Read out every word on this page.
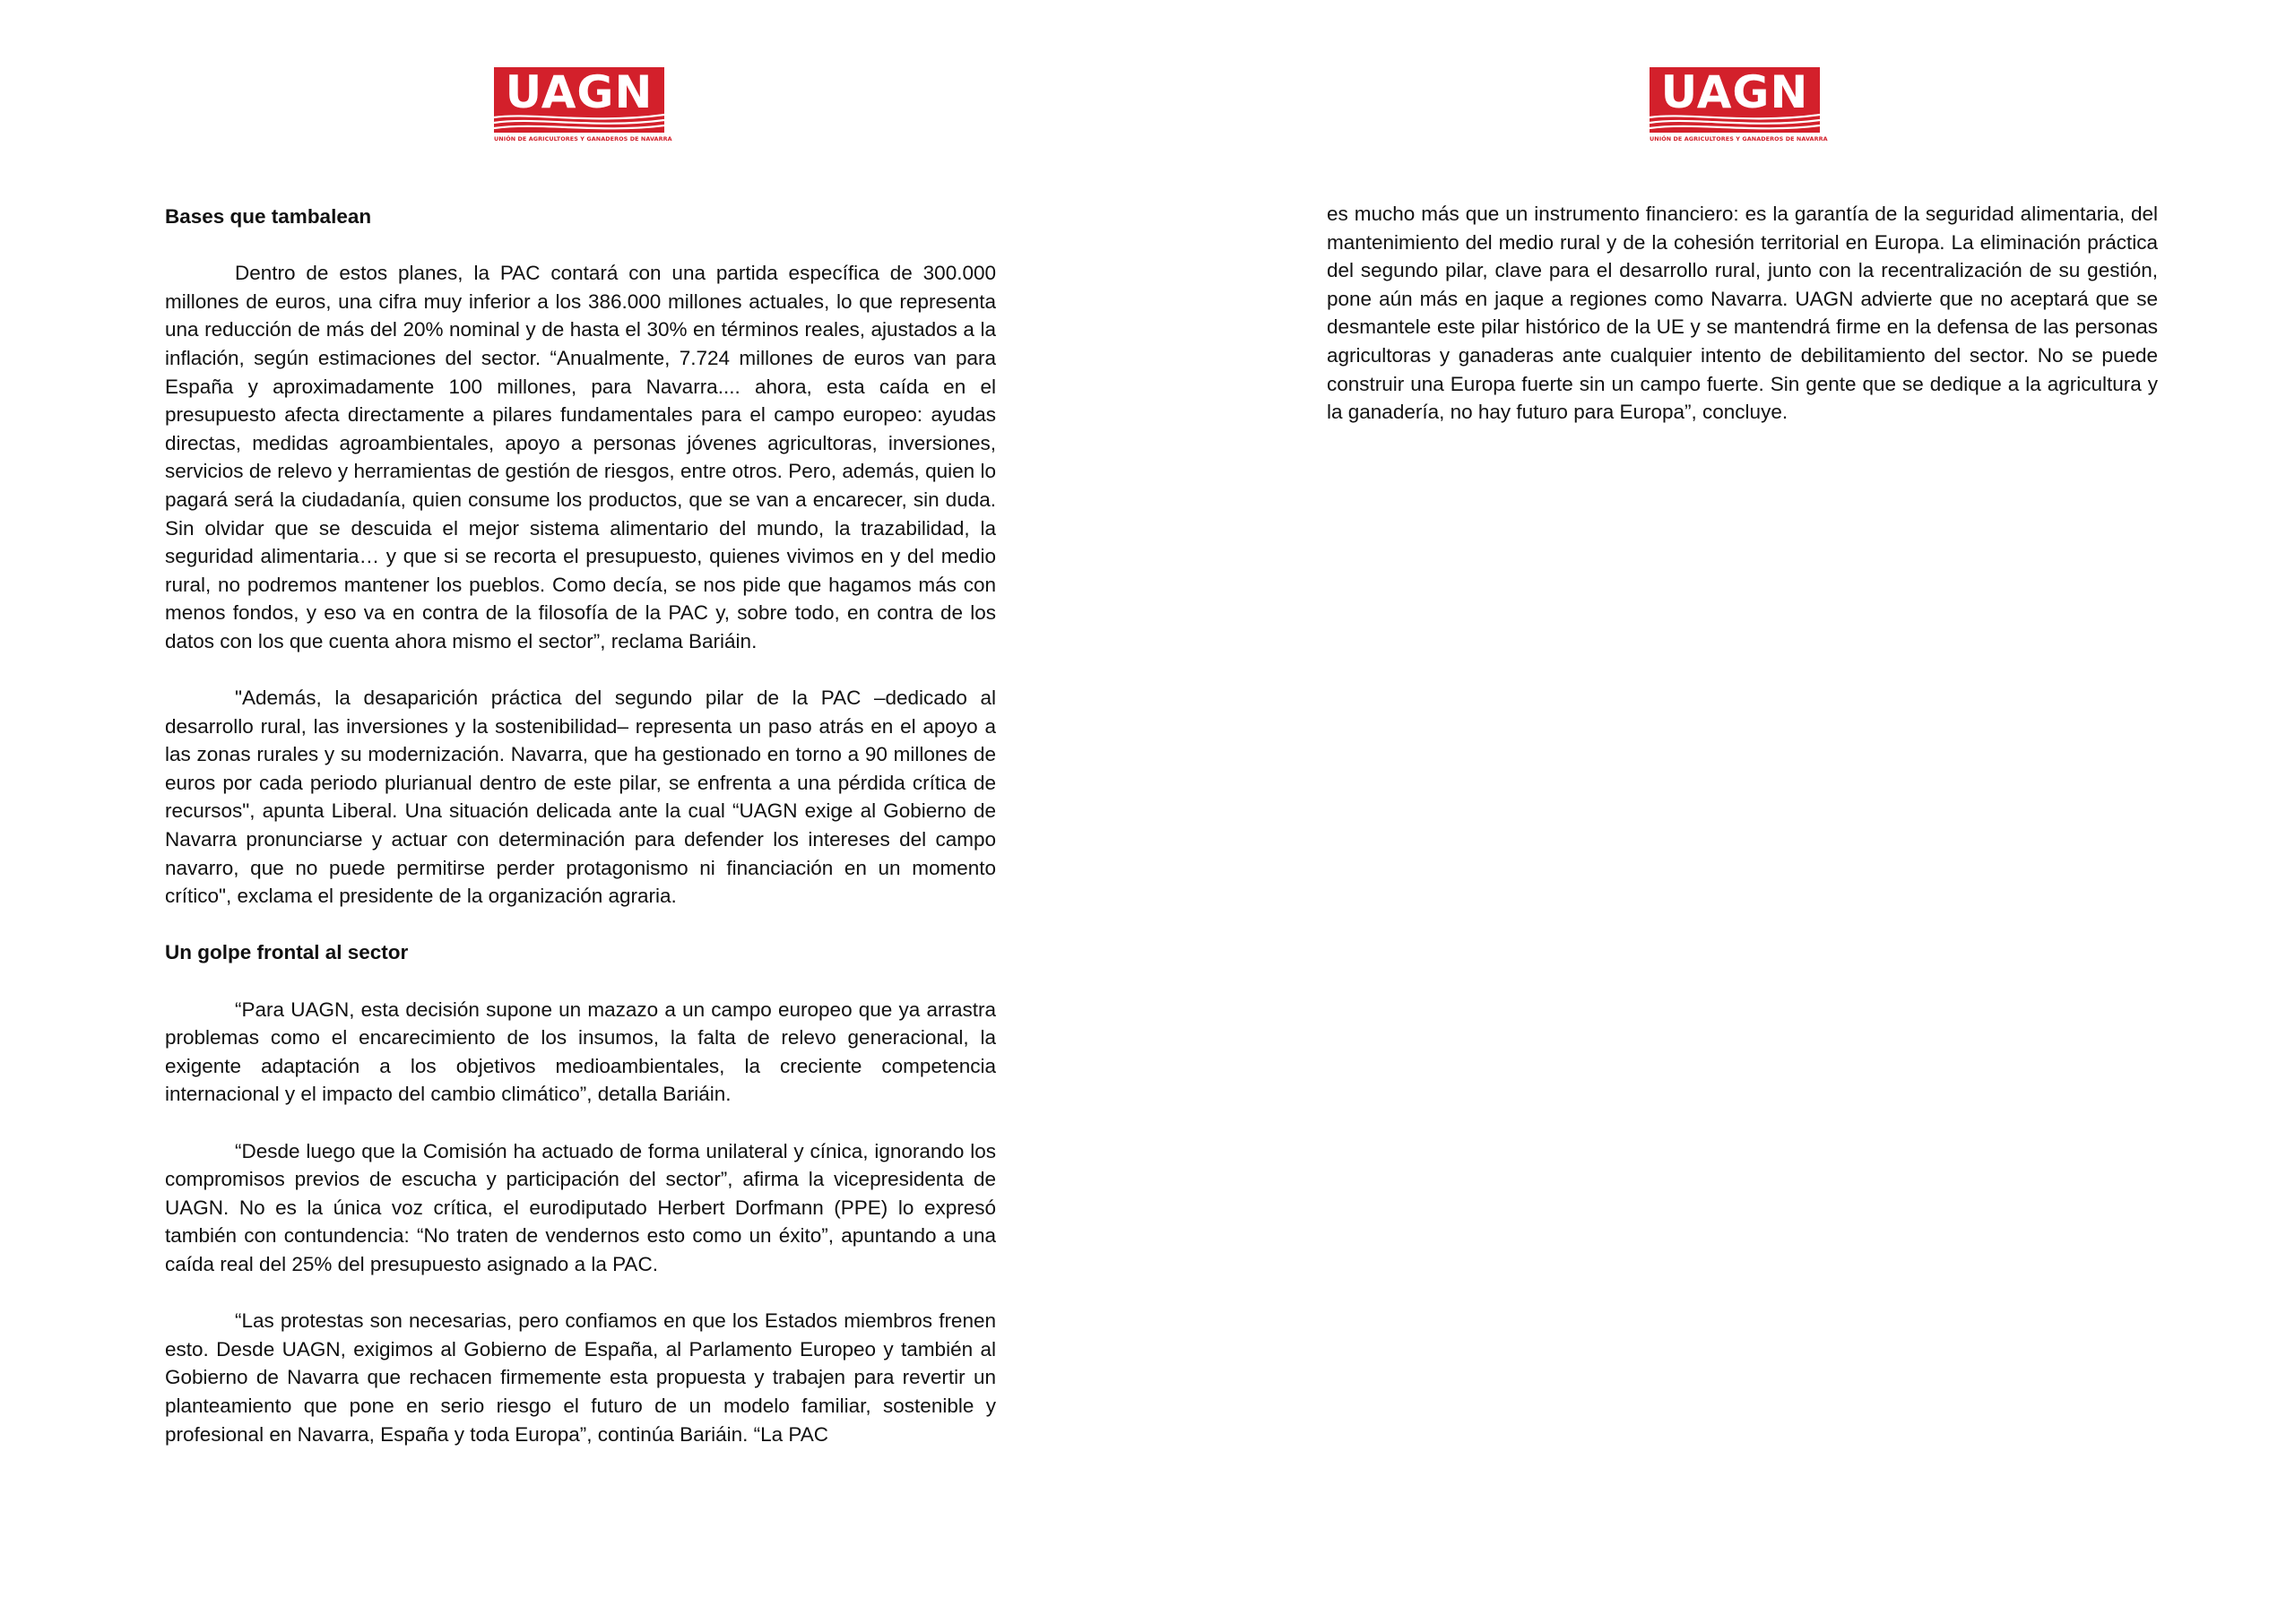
UAGN
UNIÓN DE AGRICULTORES Y GANADEROS DE NAVARRA
Bases que tambalean

Dentro de estos planes, la PAC contará con una partida específica de 300.000 millones de euros, una cifra muy inferior a los 386.000 millones actuales, lo que representa una reducción de más del 20% nominal y de hasta el 30% en términos reales, ajustados a la inflación, según estimaciones del sector. “Anualmente, 7.724 millones de euros van para España y aproximadamente 100 millones, para Navarra.... ahora, esta caída en el presupuesto afecta directamente a pilares fundamentales para el campo europeo: ayudas directas, medidas agroambientales, apoyo a personas jóvenes agricultoras, inversiones, servicios de relevo y herramientas de gestión de riesgos, entre otros. Pero, además, quien lo pagará será la ciudadanía, quien consume los productos, que se van a encarecer, sin duda. Sin olvidar que se descuida el mejor sistema alimentario del mundo, la trazabilidad, la seguridad alimentaria… y que si se recorta el presupuesto, quienes vivimos en y del medio rural, no podremos mantener los pueblos. Como decía, se nos pide que hagamos más con menos fondos, y eso va en contra de la filosofía de la PAC y, sobre todo, en contra de los datos con los que cuenta ahora mismo el sector”, reclama Bariáin.

"Además, la desaparición práctica del segundo pilar de la PAC –dedicado al desarrollo rural, las inversiones y la sostenibilidad– representa un paso atrás en el apoyo a las zonas rurales y su modernización. Navarra, que ha gestionado en torno a 90 millones de euros por cada periodo plurianual dentro de este pilar, se enfrenta a una pérdida crítica de recursos", apunta Liberal. Una situación delicada ante la cual “UAGN exige al Gobierno de Navarra pronunciarse y actuar con determinación para defender los intereses del campo navarro, que no puede permitirse perder protagonismo ni financiación en un momento crítico", exclama el presidente de la organización agraria.

Un golpe frontal al sector

“Para UAGN, esta decisión supone un mazazo a un campo europeo que ya arrastra problemas como el encarecimiento de los insumos, la falta de relevo generacional, la exigente adaptación a los objetivos medioambientales, la creciente competencia internacional y el impacto del cambio climático”, detalla Bariáin.

“Desde luego que la Comisión ha actuado de forma unilateral y cínica, ignorando los compromisos previos de escucha y participación del sector”, afirma la vicepresidenta de UAGN. No es la única voz crítica, el eurodiputado Herbert Dorfmann (PPE) lo expresó también con contundencia: “No traten de vendernos esto como un éxito”, apuntando a una caída real del 25% del presupuesto asignado a la PAC.

“Las protestas son necesarias, pero confiamos en que los Estados miembros frenen esto. Desde UAGN, exigimos al Gobierno de España, al Parlamento Europeo y también al Gobierno de Navarra que rechacen firmemente esta propuesta y trabajen para revertir un planteamiento que pone en serio riesgo el futuro de un modelo familiar, sostenible y profesional en Navarra, España y toda Europa”, continúa Bariáin. “La PAC

UAGN
UNIÓN DE AGRICULTORES Y GANADEROS DE NAVARRA

es mucho más que un instrumento financiero: es la garantía de la seguridad alimentaria, del mantenimiento del medio rural y de la cohesión territorial en Europa. La eliminación práctica del segundo pilar, clave para el desarrollo rural, junto con la recentralización de su gestión, pone aún más en jaque a regiones como Navarra. UAGN advierte que no aceptará que se desmantele este pilar histórico de la UE y se mantendrá firme en la defensa de las personas agricultoras y ganaderas ante cualquier intento de debilitamiento del sector. No se puede construir una Europa fuerte sin un campo fuerte. Sin gente que se dedique a la agricultura y la ganadería, no hay futuro para Europa”, concluye.
